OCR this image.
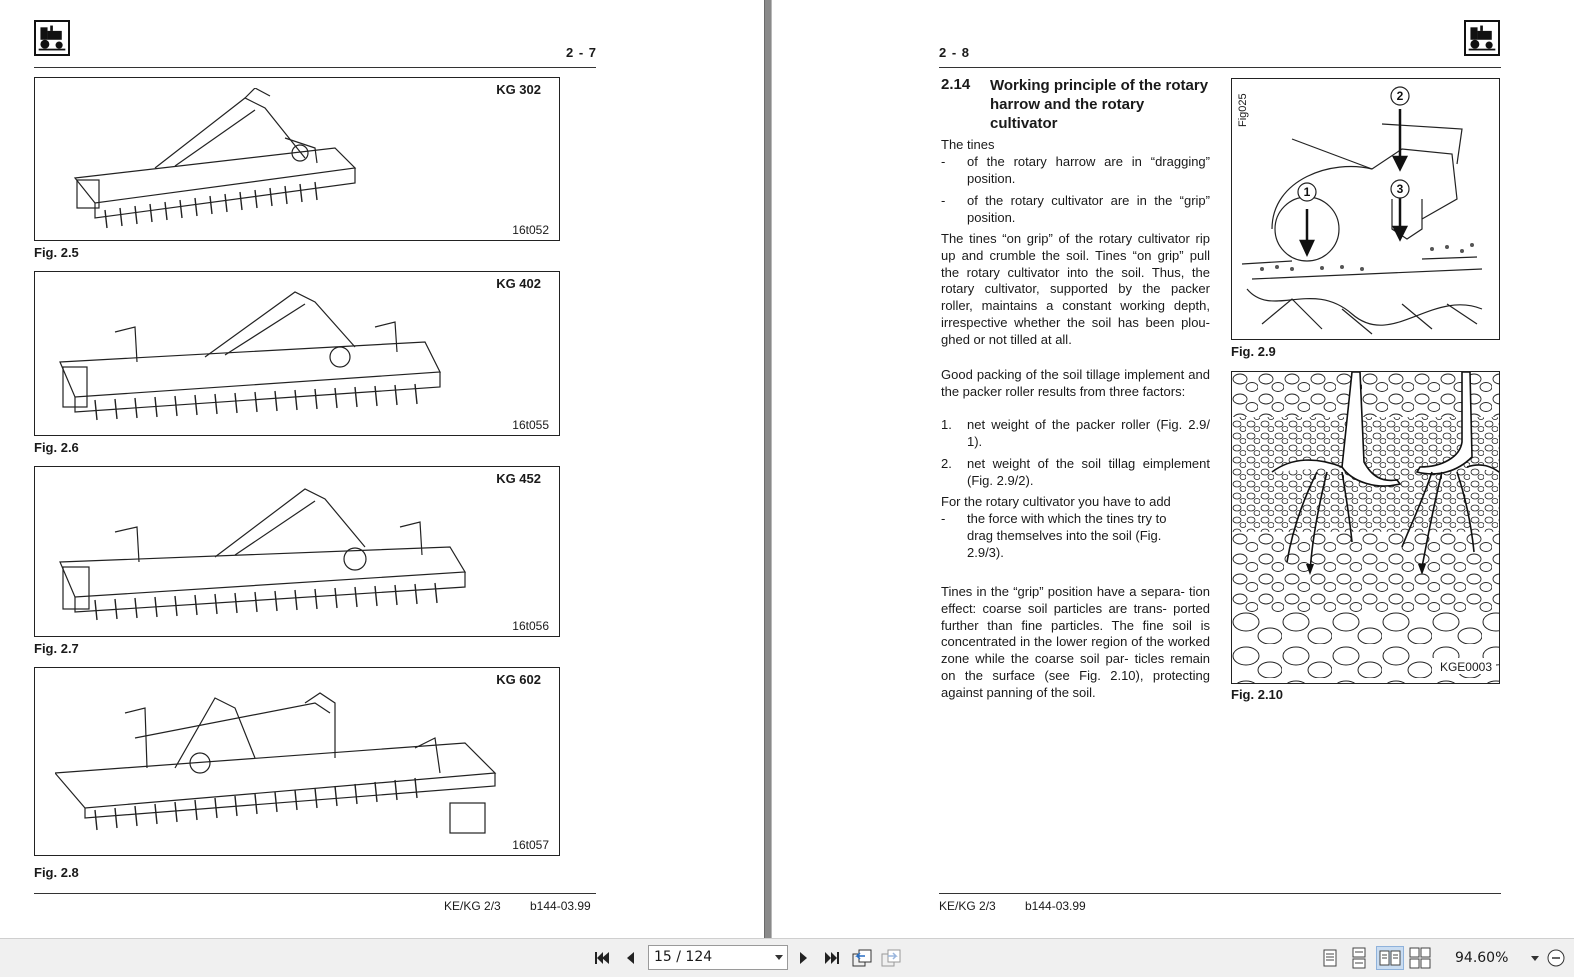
2 - 7
KG 302
16t052
Fig. 2.5
KG 402
16t055
Fig. 2.6
KG 452
16t056
Fig. 2.7
KG 602
16t057
Fig. 2.8
KE/KG 2/3 b144-03.99
2 - 8
2.14 Working principle of the rotary harrow and the rotary cultivator
The tines
- of the rotary harrow are in “dragging” position.
- of the rotary cultivator are in the “grip” position.
The tines “on grip” of the rotary cultivator rip up and crumble the soil. Tines “on grip” pull the rotary cultivator into the soil. Thus, the rotary cultivator, supported by the packer roller, maintains a constant working depth, irrespective whether the soil has been plou- ghed or not tilled at all.
Good packing of the soil tillage implement and the packer roller results from three factors:
1. net weight of the packer roller (Fig. 2.9/ 1).
2. net weight of the soil tillag eimplement (Fig. 2.9/2).
For the rotary cultivator you have to add
- the force with which the tines try to drag themselves into the soil (Fig. 2.9/3).
Tines in the “grip” position have a separa- tion effect: coarse soil particles are trans- ported further than fine particles. The fine soil is concentrated in the lower region of the worked zone while the coarse soil par- ticles remain on the surface (see Fig. 2.10), protecting against panning of the soil.
Fig025
1
2
3
Fig. 2.9
KGE0003
Fig. 2.10
KE/KG 2/3 b144-03.99
15 / 124	94.60%
